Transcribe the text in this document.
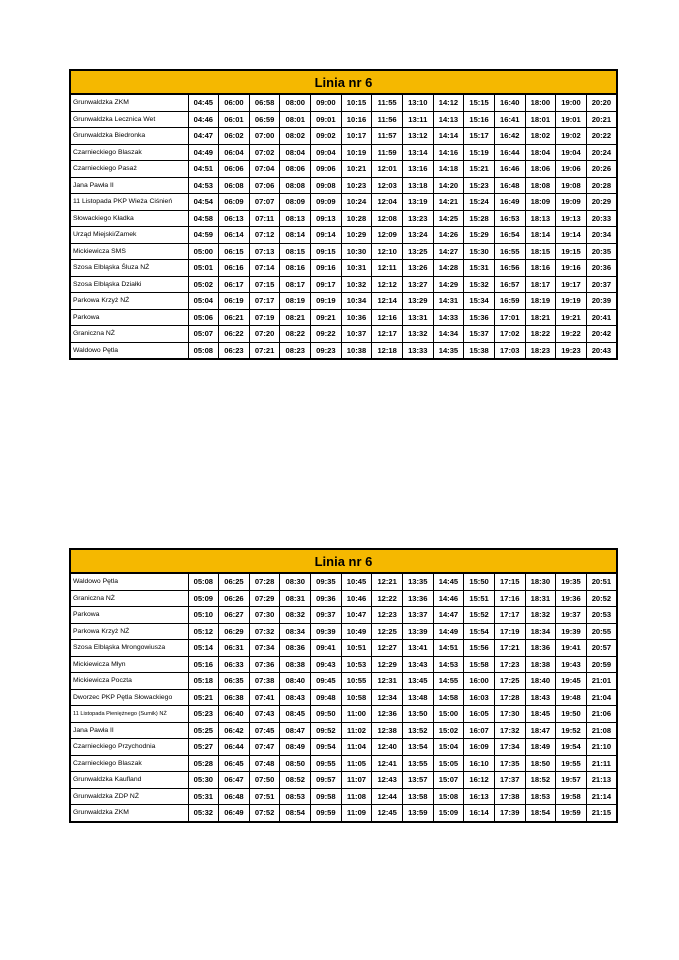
Linia nr 6														
Grunwaldzka ZKM	04:45	06:00	06:58	08:00	09:00	10:15	11:55	13:10	14:12	15:15	16:40	18:00	19:00	20:20
Grunwaldzka Lecznica Wet	04:46	06:01	06:59	08:01	09:01	10:16	11:56	13:11	14:13	15:16	16:41	18:01	19:01	20:21
Grunwaldzka Biedronka	04:47	06:02	07:00	08:02	09:02	10:17	11:57	13:12	14:14	15:17	16:42	18:02	19:02	20:22
Czarnieckiego Blaszak	04:49	06:04	07:02	08:04	09:04	10:19	11:59	13:14	14:16	15:19	16:44	18:04	19:04	20:24
Czarnieckiego Pasaż	04:51	06:06	07:04	08:06	09:06	10:21	12:01	13:16	14:18	15:21	16:46	18:06	19:06	20:26
Jana Pawła II	04:53	06:08	07:06	08:08	09:08	10:23	12:03	13:18	14:20	15:23	16:48	18:08	19:08	20:28
11 Listopada PKP Wieża Ciśnień	04:54	06:09	07:07	08:09	09:09	10:24	12:04	13:19	14:21	15:24	16:49	18:09	19:09	20:29
Słowackiego Kładka	04:58	06:13	07:11	08:13	09:13	10:28	12:08	13:23	14:25	15:28	16:53	18:13	19:13	20:33
Urząd Miejski/Zamek	04:59	06:14	07:12	08:14	09:14	10:29	12:09	13:24	14:26	15:29	16:54	18:14	19:14	20:34
Mickiewicza SMS	05:00	06:15	07:13	08:15	09:15	10:30	12:10	13:25	14:27	15:30	16:55	18:15	19:15	20:35
Szosa Elbląska Śluza NŻ	05:01	06:16	07:14	08:16	09:16	10:31	12:11	13:26	14:28	15:31	16:56	18:16	19:16	20:36
Szosa Elbląska Działki	05:02	06:17	07:15	08:17	09:17	10:32	12:12	13:27	14:29	15:32	16:57	18:17	19:17	20:37
Parkowa Krzyż NŻ	05:04	06:19	07:17	08:19	09:19	10:34	12:14	13:29	14:31	15:34	16:59	18:19	19:19	20:39
Parkowa	05:06	06:21	07:19	08:21	09:21	10:36	12:16	13:31	14:33	15:36	17:01	18:21	19:21	20:41
Graniczna NŻ	05:07	06:22	07:20	08:22	09:22	10:37	12:17	13:32	14:34	15:37	17:02	18:22	19:22	20:42
Waldowo Pętla	05:08	06:23	07:21	08:23	09:23	10:38	12:18	13:33	14:35	15:38	17:03	18:23	19:23	20:43
Linia nr 6														
Waldowo Pętla	05:08	06:25	07:28	08:30	09:35	10:45	12:21	13:35	14:45	15:50	17:15	18:30	19:35	20:51
Graniczna NŻ	05:09	06:26	07:29	08:31	09:36	10:46	12:22	13:36	14:46	15:51	17:16	18:31	19:36	20:52
Parkowa	05:10	06:27	07:30	08:32	09:37	10:47	12:23	13:37	14:47	15:52	17:17	18:32	19:37	20:53
Parkowa Krzyż NŻ	05:12	06:29	07:32	08:34	09:39	10:49	12:25	13:39	14:49	15:54	17:19	18:34	19:39	20:55
Szosa Elbląska Mrongowiusza	05:14	06:31	07:34	08:36	09:41	10:51	12:27	13:41	14:51	15:56	17:21	18:36	19:41	20:57
Mickiewicza Młyn	05:16	06:33	07:36	08:38	09:43	10:53	12:29	13:43	14:53	15:58	17:23	18:38	19:43	20:59
Mickiewicza Poczta	05:18	06:35	07:38	08:40	09:45	10:55	12:31	13:45	14:55	16:00	17:25	18:40	19:45	21:01
Dworzec PKP Pętla Słowackiego	05:21	06:38	07:41	08:43	09:48	10:58	12:34	13:48	14:58	16:03	17:28	18:43	19:48	21:04
11 Listopada Pieniężnego (Sumik) NŻ	05:23	06:40	07:43	08:45	09:50	11:00	12:36	13:50	15:00	16:05	17:30	18:45	19:50	21:06
Jana Pawła II	05:25	06:42	07:45	08:47	09:52	11:02	12:38	13:52	15:02	16:07	17:32	18:47	19:52	21:08
Czarnieckiego Przychodnia	05:27	06:44	07:47	08:49	09:54	11:04	12:40	13:54	15:04	16:09	17:34	18:49	19:54	21:10
Czarnieckiego Blaszak	05:28	06:45	07:48	08:50	09:55	11:05	12:41	13:55	15:05	16:10	17:35	18:50	19:55	21:11
Grunwaldzka Kaufland	05:30	06:47	07:50	08:52	09:57	11:07	12:43	13:57	15:07	16:12	17:37	18:52	19:57	21:13
Grunwaldzka ZDP NŻ	05:31	06:48	07:51	08:53	09:58	11:08	12:44	13:58	15:08	16:13	17:38	18:53	19:58	21:14
Grunwaldzka ZKM	05:32	06:49	07:52	08:54	09:59	11:09	12:45	13:59	15:09	16:14	17:39	18:54	19:59	21:15
